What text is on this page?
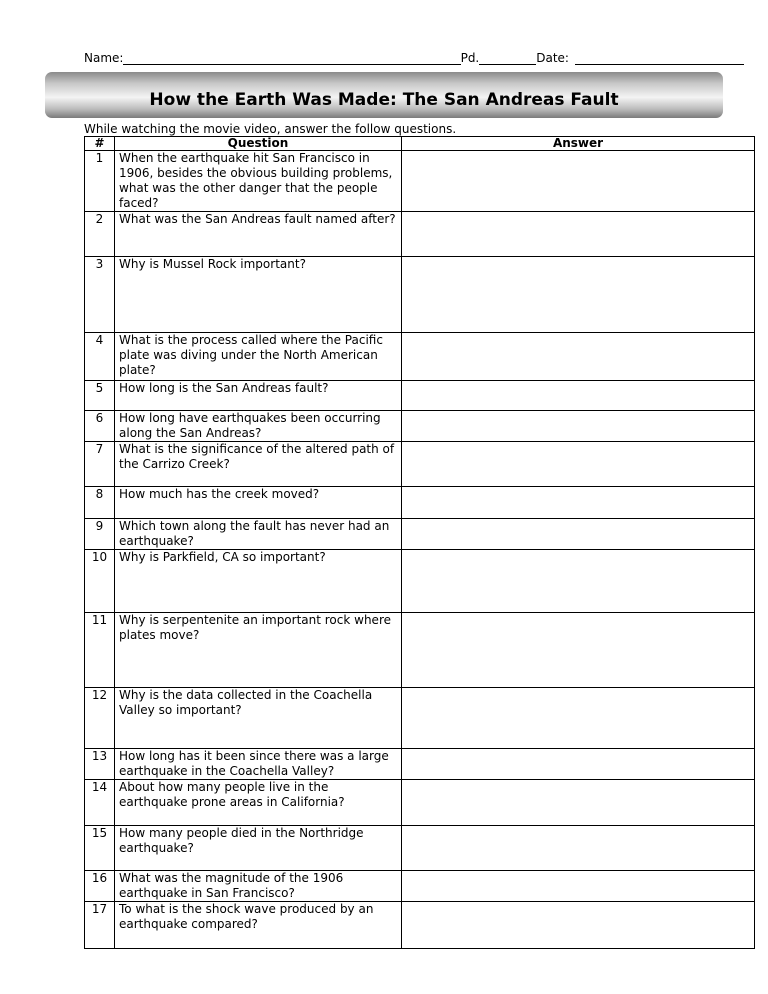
Name:	Pd.	Date:
How the Earth Was Made: The San Andreas Fault
While watching the movie video, answer the follow questions.
#	Question	Answer
1	When the earthquake hit San Francisco in 1906, besides the obvious building problems, what was the other danger that the people faced?	
2	What was the San Andreas fault named after?	
3	Why is Mussel Rock important?	
4	What is the process called where the Pacific plate was diving under the North American plate?	
5	How long is the San Andreas fault?	
6	How long have earthquakes been occurring along the San Andreas?	
7	What is the significance of the altered path of the Carrizo Creek?	
8	How much has the creek moved?	
9	Which town along the fault has never had an earthquake?	
10	Why is Parkfield, CA so important?	
11	Why is serpentenite an important rock where plates move?	
12	Why is the data collected in the Coachella Valley so important?	
13	How long has it been since there was a large earthquake in the Coachella Valley?	
14	About how many people live in the earthquake prone areas in California?	
15	How many people died in the Northridge earthquake?	
16	What was the magnitude of the 1906 earthquake in San Francisco?	
17	To what is the shock wave produced by an earthquake compared?	
